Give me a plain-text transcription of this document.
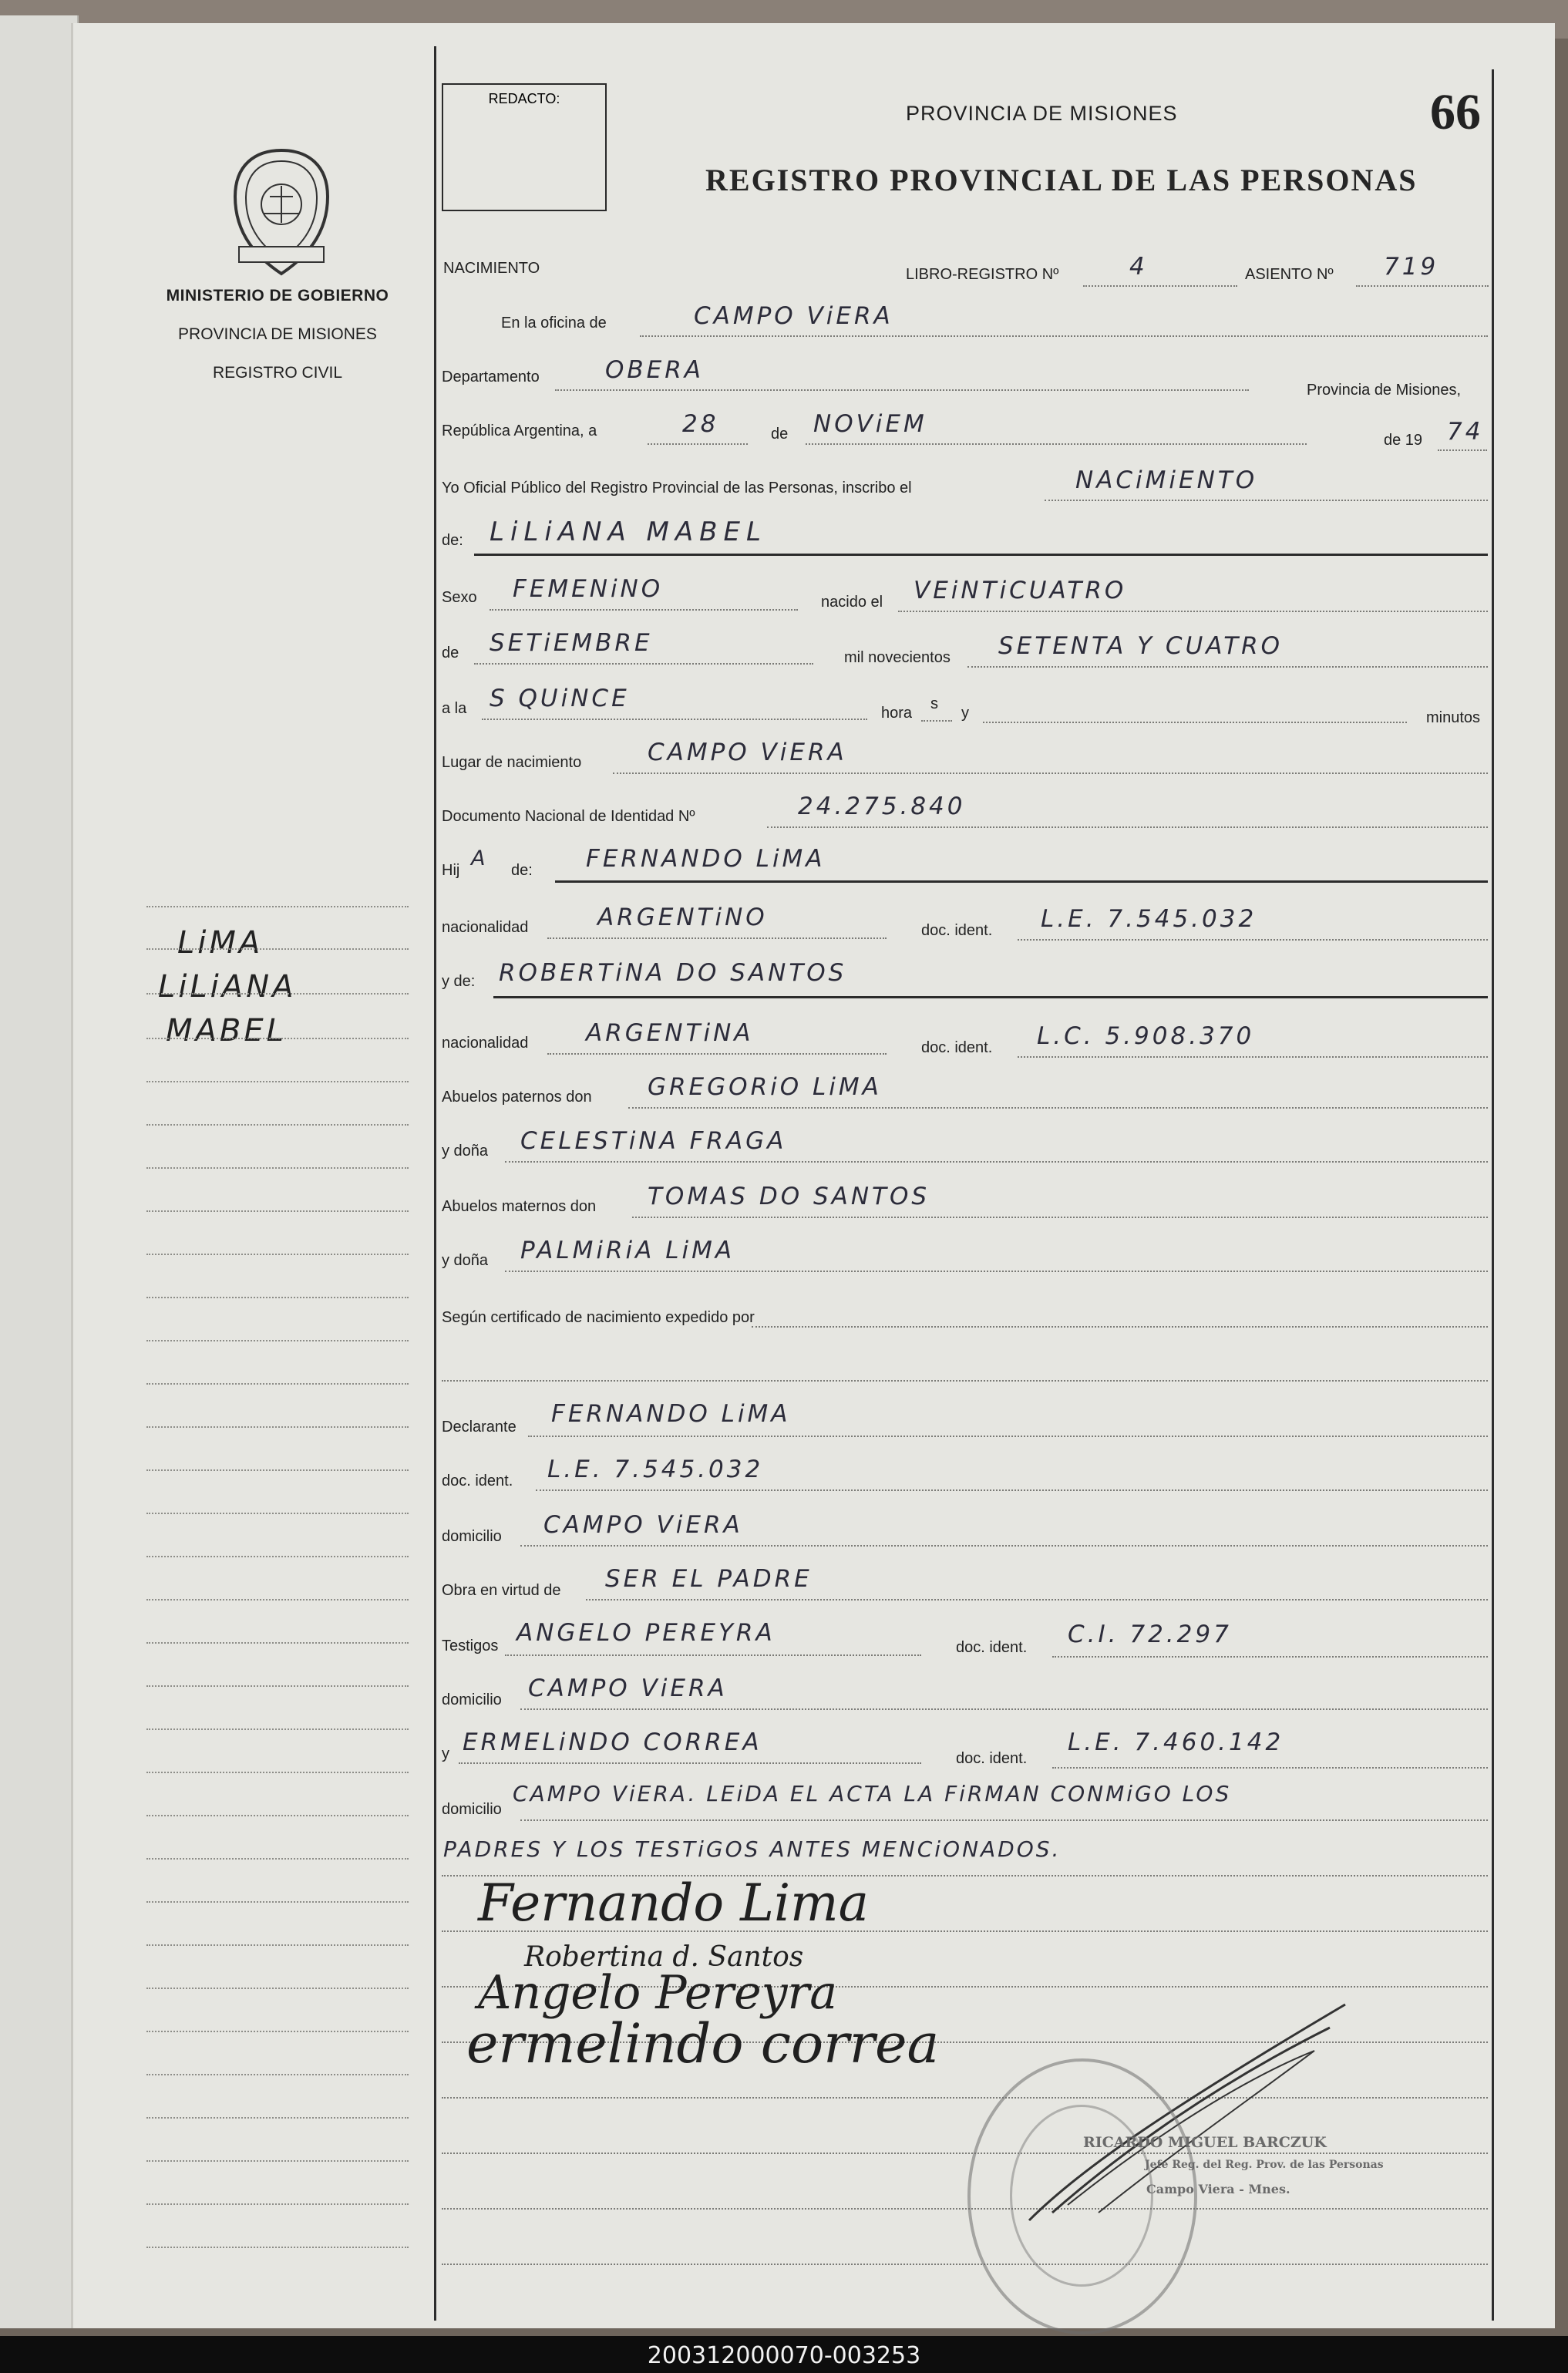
MINISTERIO DE GOBIERNO
PROVINCIA DE MISIONES
REGISTRO CIVIL
LiMA
LiLiANA
MABEL
REDACTO:
PROVINCIA DE MISIONES
REGISTRO PROVINCIAL DE LAS PERSONAS
66
NACIMIENTO	LIBRO-REGISTRO Nº	4	ASIENTO Nº 719
En la oficina de	CAMPO ViERA
Departamento	OBERA
Provincia de Misiones,
República Argentina, a	28	de NOViEM
de 19 74
Yo Oficial Público del Registro Provincial de las Personas, inscribo el	NACiMiENTO
de: LiLiANA MABEL
Sexo FEMENiNO	nacido el VEiNTiCUATRO
de SETiEMBRE
mil novecientos SETENTA Y CUATRO
a la S QUiNCE
hora
s
y	minutos
Lugar de nacimiento	CAMPO ViERA
Documento Nacional de Identidad Nº	24.275.840
Hij A de: FERNANDO LiMA
nacionalidad	ARGENTiNO	doc. ident. L.E. 7.545.032
y de: ROBERTiNA DO SANTOS
nacionalidad ARGENTiNA
doc. ident. L.C. 5.908.370
Abuelos paternos don GREGORiO LiMA
y doña CELESTiNA FRAGA
Abuelos maternos don TOMAS DO SANTOS
y doña PALMiRiA LiMA
Según certificado de nacimiento expedido por
Declarante FERNANDO LiMA
doc. ident. L.E. 7.545.032
domicilio CAMPO ViERA
Obra en virtud de SER EL PADRE
Testigos ANGELO PEREYRA
doc. ident. C.I. 72.297
domicilio CAMPO ViERA
y ERMELiNDO CORREA
doc. ident.
L.E. 7.460.142
domicilio
CAMPO ViERA. LEiDA EL ACTA LA FiRMAN CONMiGO LOS
PADRES Y LOS TESTiGOS ANTES MENCiONADOS.
Fernando Lima
Robertina d. Santos
Angelo Pereyra
ermelindo correa
RICARDO MIGUEL BARCZUK
Jefe Reg. del Reg. Prov. de las Personas
Campo Viera - Mnes.
200312000070-003253
